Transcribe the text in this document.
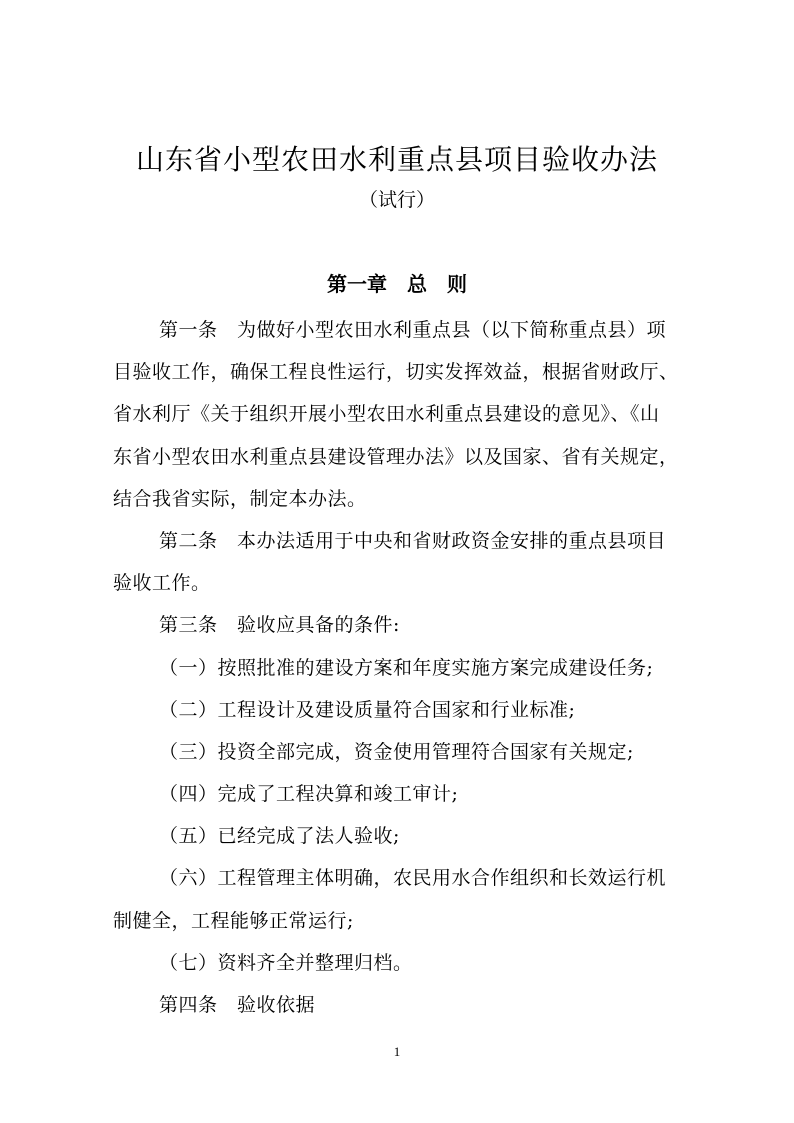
山东省小型农田水利重点县项目验收办法
（试行）
第一章　总　则
第一条　为做好小型农田水利重点县（以下简称重点县）项
目验收工作，确保工程良性运行，切实发挥效益，根据省财政厅、
省水利厅《关于组织开展小型农田水利重点县建设的意见》、《山
东省小型农田水利重点县建设管理办法》以及国家、省有关规定，
结合我省实际，制定本办法。
第二条　本办法适用于中央和省财政资金安排的重点县项目
验收工作。
第三条　验收应具备的条件:
（一）按照批准的建设方案和年度实施方案完成建设任务;
（二）工程设计及建设质量符合国家和行业标准;
（三）投资全部完成，资金使用管理符合国家有关规定;
（四）完成了工程决算和竣工审计;
（五）已经完成了法人验收;
（六）工程管理主体明确，农民用水合作组织和长效运行机
制健全，工程能够正常运行;
（七）资料齐全并整理归档。
第四条　验收依据
1
